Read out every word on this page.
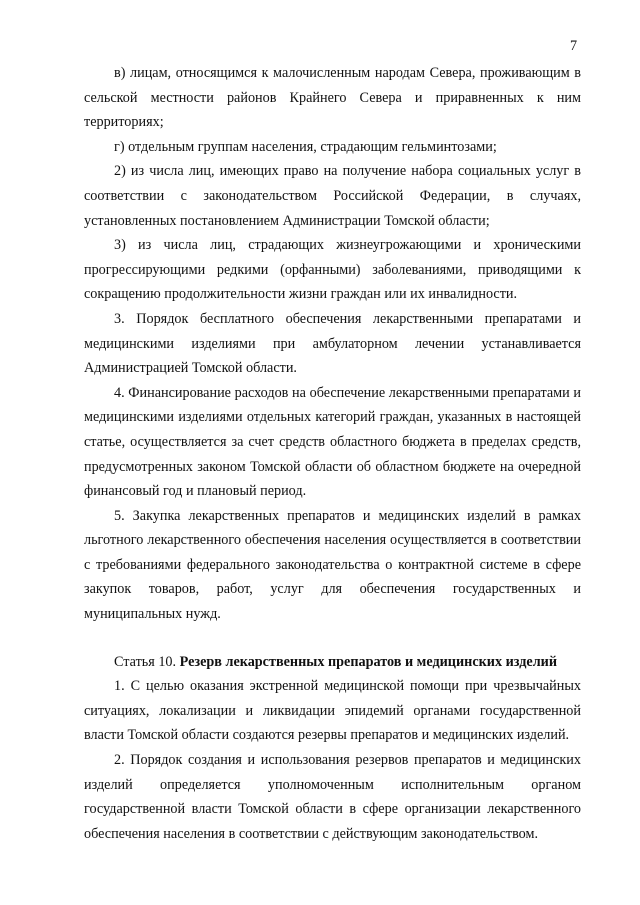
7

в) лицам, относящимся к малочисленным народам Севера, проживающим в сельской местности районов Крайнего Севера и приравненных к ним территориях;

г) отдельным группам населения, страдающим гельминтозами;

2) из числа лиц, имеющих право на получение набора социальных услуг в соответствии с законодательством Российской Федерации, в случаях, установленных постановлением Администрации Томской области;

3) из числа лиц, страдающих жизнеугрожающими и хроническими прогрессирующими редкими (орфанными) заболеваниями, приводящими к сокращению продолжительности жизни граждан или их инвалидности.

3. Порядок бесплатного обеспечения лекарственными препаратами и медицинскими изделиями при амбулаторном лечении устанавливается Администрацией Томской области.

4. Финансирование расходов на обеспечение лекарственными препаратами и медицинскими изделиями отдельных категорий граждан, указанных в настоящей статье, осуществляется за счет средств областного бюджета в пределах средств, предусмотренных законом Томской области об областном бюджете на очередной финансовый год и плановый период.

5. Закупка лекарственных препаратов и медицинских изделий в рамках льготного лекарственного обеспечения населения осуществляется в соответствии с требованиями федерального законодательства о контрактной системе в сфере закупок товаров, работ, услуг для обеспечения государственных и муниципальных нужд.

Статья 10. Резерв лекарственных препаратов и медицинских изделий

1. С целью оказания экстренной медицинской помощи при чрезвычайных ситуациях, локализации и ликвидации эпидемий органами государственной власти Томской области создаются резервы препаратов и медицинских изделий.

2. Порядок создания и использования резервов препаратов и медицинских изделий определяется уполномоченным исполнительным органом государственной власти Томской области в сфере организации лекарственного обеспечения населения в соответствии с действующим законодательством.
